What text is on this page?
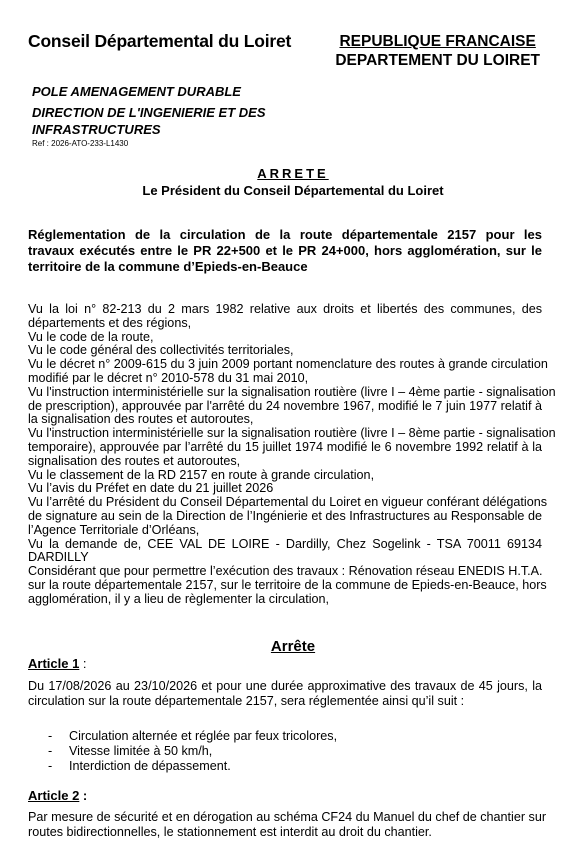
Conseil Départemental du Loiret	REPUBLIQUE FRANCAISE
DEPARTEMENT DU LOIRET
POLE AMENAGEMENT DURABLE
DIRECTION DE L'INGENIERIE ET DES
INFRASTRUCTURES
Ref : 2026-ATO-233-L1430
ARRETE
Le Président du Conseil Départemental du Loiret
Réglementation de la circulation de la route départementale 2157 pour les
travaux exécutés entre le PR 22+500 et le PR 24+000, hors agglomération, sur le
territoire de la commune d’Epieds-en-Beauce
Vu la loi n° 82-213 du 2 mars 1982 relative aux droits et libertés des communes, des
départements et des régions,
Vu le code de la route,
Vu le code général des collectivités territoriales,
Vu le décret n° 2009-615 du 3 juin 2009 portant nomenclature des routes à grande circulation
modifié par le décret n° 2010-578 du 31 mai 2010,
Vu l'instruction interministérielle sur la signalisation routière (livre I – 4ème partie - signalisation
de prescription), approuvée par l'arrêté du 24 novembre 1967, modifié le 7 juin 1977 relatif à
la signalisation des routes et autoroutes,
Vu l'instruction interministérielle sur la signalisation routière (livre I – 8ème partie - signalisation
temporaire), approuvée par l’arrêté du 15 juillet 1974 modifié le 6 novembre 1992 relatif à la
signalisation des routes et autoroutes,
Vu le classement de la RD 2157 en route à grande circulation,
Vu l’avis du Préfet en date du 21 juillet 2026
Vu l’arrêté du Président du Conseil Départemental du Loiret en vigueur conférant délégations
de signature au sein de la Direction de l’Ingénierie et des Infrastructures au Responsable de
l’Agence Territoriale d’Orléans,
Vu la demande de, CEE VAL DE LOIRE - Dardilly, Chez Sogelink - TSA 70011 69134
DARDILLY
Considérant que pour permettre l’exécution des travaux : Rénovation réseau ENEDIS H.T.A.
sur la route départementale 2157, sur le territoire de la commune de Epieds-en-Beauce, hors
agglomération, il y a lieu de règlementer la circulation,
Arrête
Article 1 :
Du 17/08/2026 au 23/10/2026 et pour une durée approximative des travaux de 45 jours, la
circulation sur la route départementale 2157, sera réglementée ainsi qu’il suit :
-	Circulation alternée et réglée par feux tricolores,
-	Vitesse limitée à 50 km/h,
-	Interdiction de dépassement.
Article 2 :
Par mesure de sécurité et en dérogation au schéma CF24 du Manuel du chef de chantier sur
routes bidirectionnelles, le stationnement est interdit au droit du chantier.
